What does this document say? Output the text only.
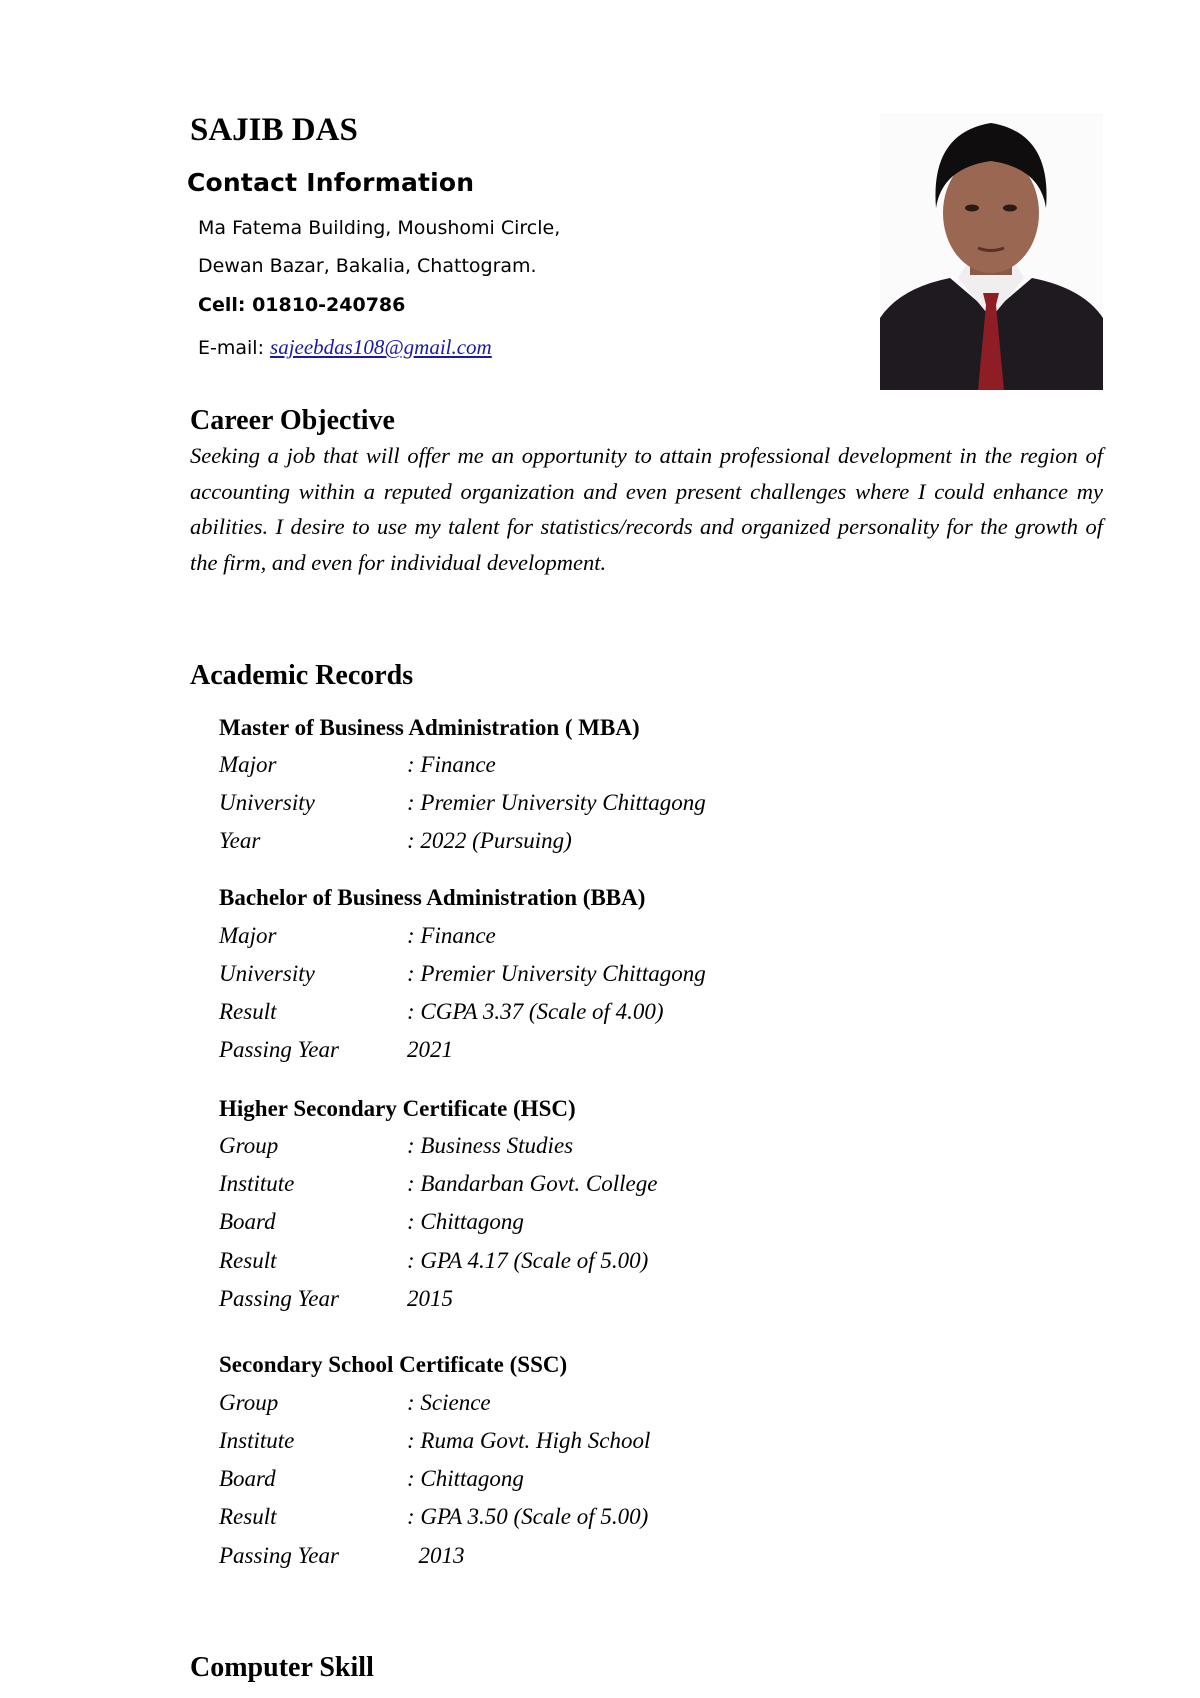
SAJIB DAS
Contact Information
Ma Fatema Building, Moushomi Circle,
Dewan Bazar, Bakalia, Chattogram.
Cell: 01810-240786
E-mail: sajeebdas108@gmail.com
Career Objective
Seeking a job that will offer me an opportunity to attain professional development in the region of accounting within a reputed organization and even present challenges where I could enhance my abilities. I desire to use my talent for statistics/records and organized personality for the growth of the firm, and even for individual development.
Academic Records
Master of Business Administration ( MBA)
Major	: Finance
University	: Premier University Chittagong
Year	: 2022 (Pursuing)
Bachelor of Business Administration (BBA)
Major	: Finance
University	: Premier University Chittagong
Result	: CGPA 3.37 (Scale of 4.00)
Passing Year	2021
Higher Secondary Certificate (HSC)
Group	: Business Studies
Institute	: Bandarban Govt. College
Board	: Chittagong
Result	: GPA 4.17 (Scale of 5.00)
Passing Year	2015
Secondary School Certificate (SSC)
Group	: Science
Institute	: Ruma Govt. High School
Board	: Chittagong
Result	: GPA 3.50 (Scale of 5.00)
Passing Year	2013
Computer Skill
